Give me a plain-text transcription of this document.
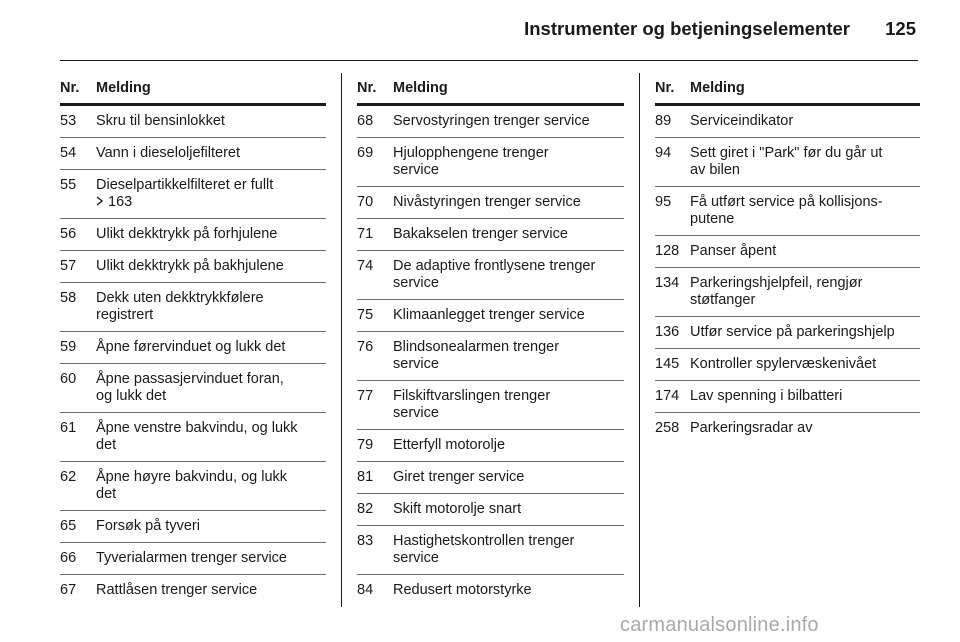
Instrumenter og betjeningselementer 125
Nr.	Melding
53	Skru til bensinlokket
54	Vann i dieseloljefilteret
55	Dieselpartikkelfilteret er fullt
163
56	Ulikt dekktrykk på forhjulene
57	Ulikt dekktrykk på bakhjulene
58	Dekk uten dekktrykkfølere
registrert
59	Åpne førervinduet og lukk det
60	Åpne passasjervinduet foran,
og lukk det
61	Åpne venstre bakvindu, og lukk
det
62	Åpne høyre bakvindu, og lukk
det
65	Forsøk på tyveri
66	Tyverialarmen trenger service
67	Rattlåsen trenger service
Nr.	Melding
68	Servostyringen trenger service
69	Hjulopphengene trenger
service
70	Nivåstyringen trenger service
71	Bakakselen trenger service
74	De adaptive frontlysene trenger
service
75	Klimaanlegget trenger service
76	Blindsonealarmen trenger
service
77	Filskiftvarslingen trenger
service
79	Etterfyll motorolje
81	Giret trenger service
82	Skift motorolje snart
83	Hastighetskontrollen trenger
service
84	Redusert motorstyrke
Nr.	Melding
89	Serviceindikator
94	Sett giret i "Park" før du går ut
av bilen
95	Få utført service på kollisjons-
putene
128 Panser åpent
134 Parkeringshjelpfeil, rengjør
støtfanger
136 Utfør service på parkeringshjelp
145 Kontroller spylervæskenivået
174 Lav spenning i bilbatteri
258 Parkeringsradar av
carmanualsonline.info
